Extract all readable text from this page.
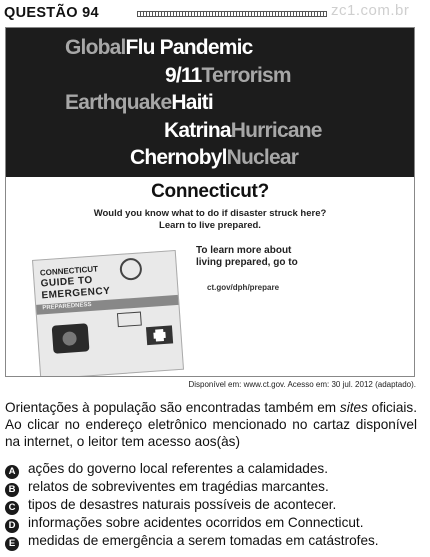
QUESTÃO 94	zc1.com.br
GlobalFlu Pandemic
9/11Terrorism
EarthquakeHaiti
KatrinaHurricane
ChernobylNuclear
Connecticut?
Would you know what to do if disaster struck here?
Learn to live prepared.
To learn more about
living prepared, go to
ct.gov/dph/prepare
CONNECTICUT
GUIDE TO
EMERGENCY
PREPAREDNESS
Disponível em: www.ct.gov. Acesso em: 30 jul. 2012 (adaptado).
Orientações à população são encontradas também em sites oficiais. Ao clicar no endereço eletrônico mencionado no cartaz disponível na internet, o leitor tem acesso aos(às)
A ações do governo local referentes a calamidades.
B relatos de sobreviventes em tragédias marcantes.
C tipos de desastres naturais possíveis de acontecer.
D informações sobre acidentes ocorridos em Connecticut.
E medidas de emergência a serem tomadas em catástrofes.
